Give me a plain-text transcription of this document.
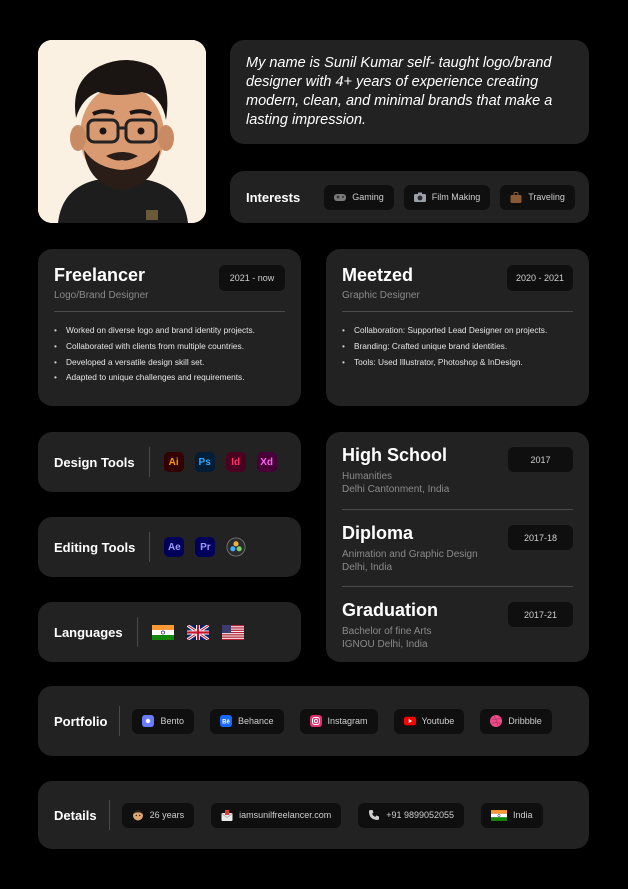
My name is Sunil Kumar self- taught logo/brand designer with 4+ years of experience creating modern, clean, and minimal brands that make a lasting impression.

Interests	Gaming	Film Making	Traveling
Freelancer
Logo/Brand Designer
2021 - now
• Worked on diverse logo and brand identity projects.
• Collaborated with clients from multiple countries.
• Developed a versatile design skill set.
• Adapted to unique challenges and requirements.
Meetzed
Graphic Designer
2020 - 2021
• Collaboration: Supported Lead Designer on projects.
• Branding: Crafted unique brand identities.
• Tools: Used Illustrator, Photoshop & InDesign.
Design Tools	Ai	Ps	Id	Xd
Editing Tools	Ae	Pr
Languages
High School
Humanities
Delhi Cantonment, India
2017
Diploma
Animation and Graphic Design
Delhi, India
2017-18
Graduation
Bachelor of fine Arts
IGNOU Delhi, India
2017-21
Portfolio	Bento	Bē Behance	Instagram	Youtube	Dribbble
Details	26 years	iamsunilfreelancer.com	+91 9899052055	India
